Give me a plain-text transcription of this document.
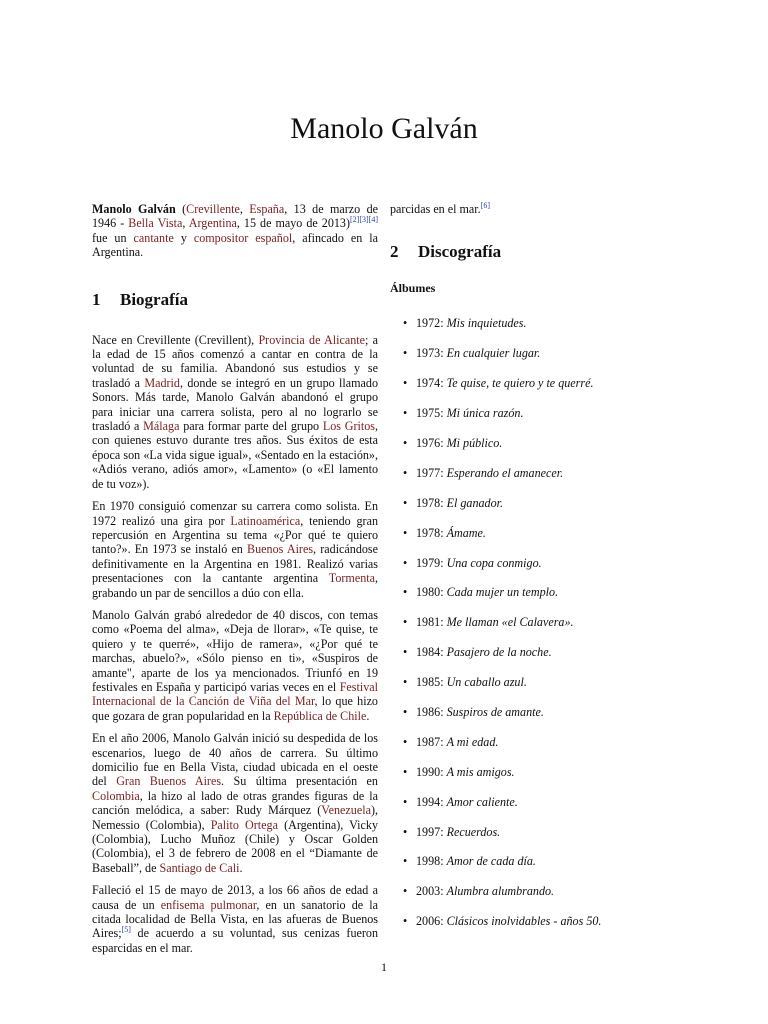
Manolo Galván

Manolo Galván (Crevillente, España, 13 de marzo de 1946 - Bella Vista, Argentina, 15 de mayo de 2013)[2][3][4] fue un cantante y compositor español, afincado en la Argentina.

1 Biografía

Nace en Crevillente (Crevillent), Provincia de Alicante; a la edad de 15 años comenzó a cantar en contra de la voluntad de su familia. Abandonó sus estudios y se trasladó a Madrid, donde se integró en un grupo llamado Sonors. Más tarde, Manolo Galván abandonó el grupo para iniciar una carrera solista, pero al no lograrlo se trasladó a Málaga para formar parte del grupo Los Gritos, con quienes estuvo durante tres años. Sus éxitos de esta época son «La vida sigue igual», «Sentado en la estación», «Adiós verano, adiós amor», «Lamento» (o «El lamento de tu voz»).

En 1970 consiguió comenzar su carrera como solista. En 1972 realizó una gira por Latinoamérica, teniendo gran repercusión en Argentina su tema «¿Por qué te quiero tanto?». En 1973 se instaló en Buenos Aires, radicándose definitivamente en la Argentina en 1981. Realizó varias presentaciones con la cantante argentina Tormenta, grabando un par de sencillos a dúo con ella.

Manolo Galván grabó alrededor de 40 discos, con temas como «Poema del alma», «Deja de llorar», «Te quise, te quiero y te querré», «Hijo de ramera», «¿Por qué te marchas, abuelo?», «Sólo pienso en ti», «Suspiros de amante", aparte de los ya mencionados. Triunfó en 19 festivales en España y participó varias veces en el Festival Internacional de la Canción de Viña del Mar, lo que hizo que gozara de gran popularidad en la República de Chile.

En el año 2006, Manolo Galván inició su despedida de los escenarios, luego de 40 años de carrera. Su último domicilio fue en Bella Vista, ciudad ubicada en el oeste del Gran Buenos Aires. Su última presentación en Colombia, la hizo al lado de otras grandes figuras de la canción melódica, a saber: Rudy Márquez (Venezuela), Nemessio (Colombia), Palito Ortega (Argentina), Vicky (Colombia), Lucho Muñoz (Chile) y Oscar Golden (Colombia), el 3 de febrero de 2008 en el “Diamante de Baseball”, de Santiago de Cali.

Falleció el 15 de mayo de 2013, a los 66 años de edad a causa de un enfisema pulmonar, en un sanatorio de la citada localidad de Bella Vista, en las afueras de Buenos Aires;[5] de acuerdo a su voluntad, sus cenizas fueron esparcidas en el mar.

parcidas en el mar.[6]

2 Discografía
Álbumes
• 1972: Mis inquietudes.
• 1973: En cualquier lugar.
• 1974: Te quise, te quiero y te querré.
• 1975: Mi única razón.
• 1976: Mi público.
• 1977: Esperando el amanecer.
• 1978: El ganador.
• 1978: Ámame.
• 1979: Una copa conmigo.
• 1980: Cada mujer un templo.
• 1981: Me llaman «el Calavera».
• 1984: Pasajero de la noche.
• 1985: Un caballo azul.
• 1986: Suspiros de amante.
• 1987: A mi edad.
• 1990: A mis amigos.
• 1994: Amor caliente.
• 1997: Recuerdos.
• 1998: Amor de cada día.
• 2003: Alumbra alumbrando.
• 2006: Clásicos inolvidables - años 50.
1
